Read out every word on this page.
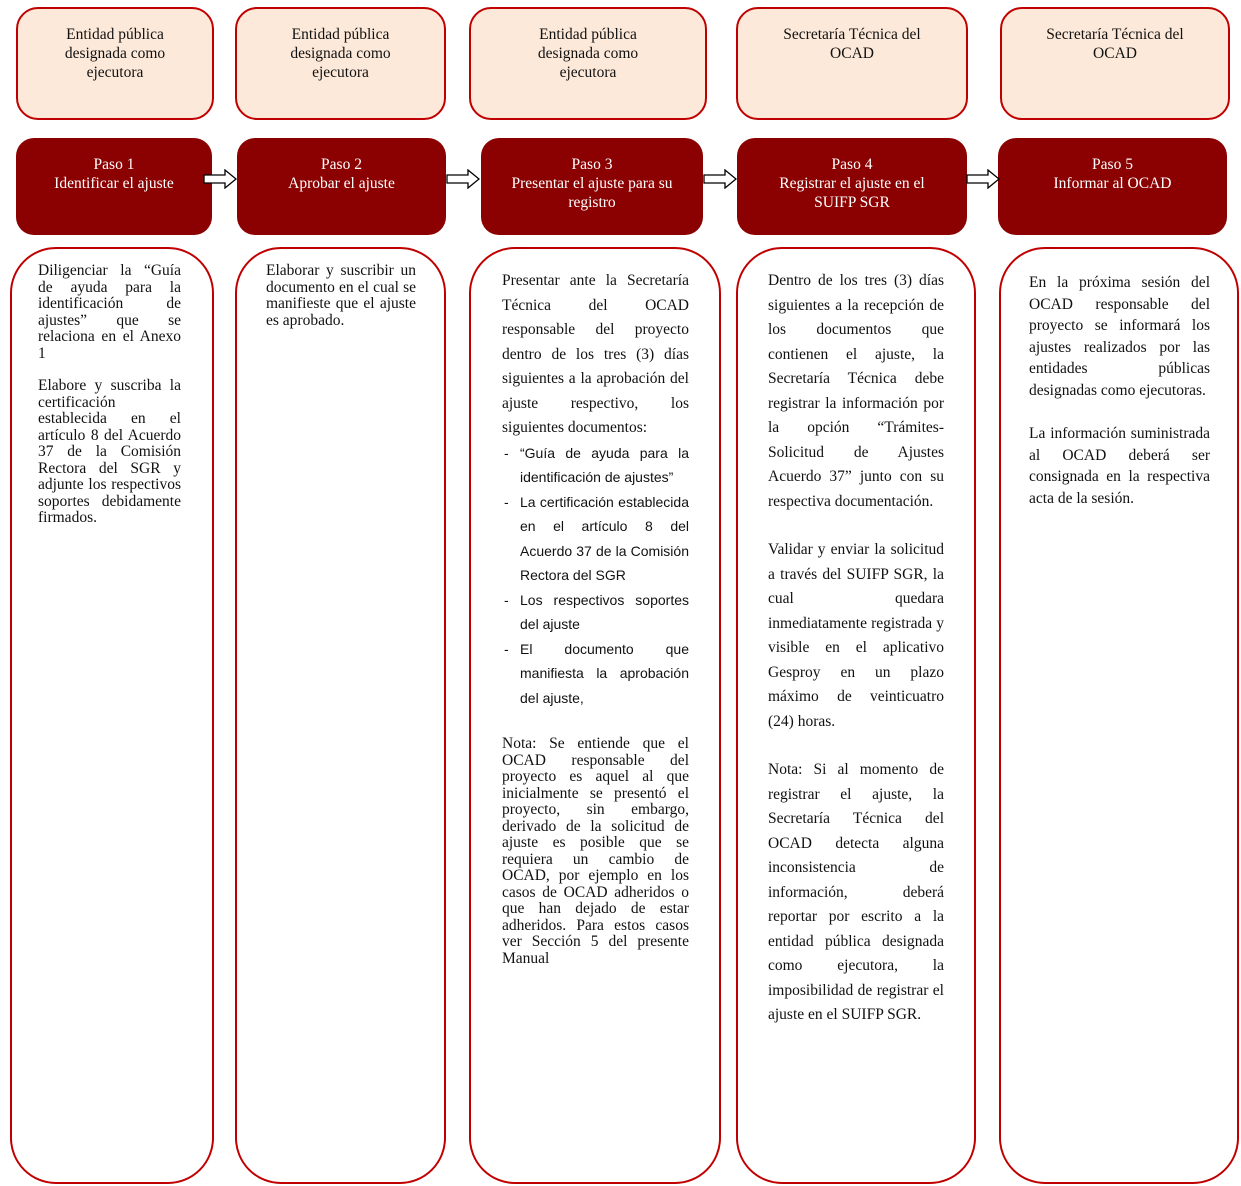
Entidad pública designada como ejecutora
Entidad pública designada como ejecutora
Entidad pública designada como ejecutora
Secretaría Técnica del OCAD
Secretaría Técnica del OCAD
Paso 1
Identificar el ajuste
Paso 2
Aprobar el ajuste
Paso 3
Presentar el ajuste para su registro
Paso 4
Registrar el ajuste en el SUIFP SGR
Paso 5
Informar al OCAD

Diligenciar la “Guía de ayuda para la identificación de ajustes” que se relaciona en el Anexo 1

Elabore y suscriba la certificación establecida en el artículo 8 del Acuerdo 37 de la Comisión Rectora del SGR y adjunte los respectivos soportes debidamente firmados.

Elaborar y suscribir un documento en el cual se manifieste que el ajuste es aprobado.

Presentar ante la Secretaría Técnica del OCAD responsable del proyecto dentro de los tres (3) días siguientes a la aprobación del ajuste respectivo, los siguientes documentos:

- “Guía de ayuda para la identificación de ajustes”
- La certificación establecida en el artículo 8 del Acuerdo 37 de la Comisión Rectora del SGR
- Los respectivos soportes del ajuste
- El documento que manifiesta la aprobación del ajuste,

Nota: Se entiende que el OCAD responsable del proyecto es aquel al que inicialmente se presentó el proyecto, sin embargo, derivado de la solicitud de ajuste es posible que se requiera un cambio de OCAD, por ejemplo en los casos de OCAD adheridos o que han dejado de estar adheridos. Para estos casos ver Sección 5 del presente Manual

Dentro de los tres (3) días siguientes a la recepción de los documentos que contienen el ajuste, la Secretaría Técnica debe registrar la información por la opción “Trámites-Solicitud de Ajustes Acuerdo 37” junto con su respectiva documentación.

Validar y enviar la solicitud a través del SUIFP SGR, la cual quedara inmediatamente registrada y visible en el aplicativo Gesproy en un plazo máximo de veinticuatro (24) horas.

Nota: Si al momento de registrar el ajuste, la Secretaría Técnica del OCAD detecta alguna inconsistencia de información, deberá reportar por escrito a la entidad pública designada como ejecutora, la imposibilidad de registrar el ajuste en el SUIFP SGR.

En la próxima sesión del OCAD responsable del proyecto se informará los ajustes realizados por las entidades públicas designadas como ejecutoras.

La información suministrada al OCAD deberá ser consignada en la respectiva acta de la sesión.
